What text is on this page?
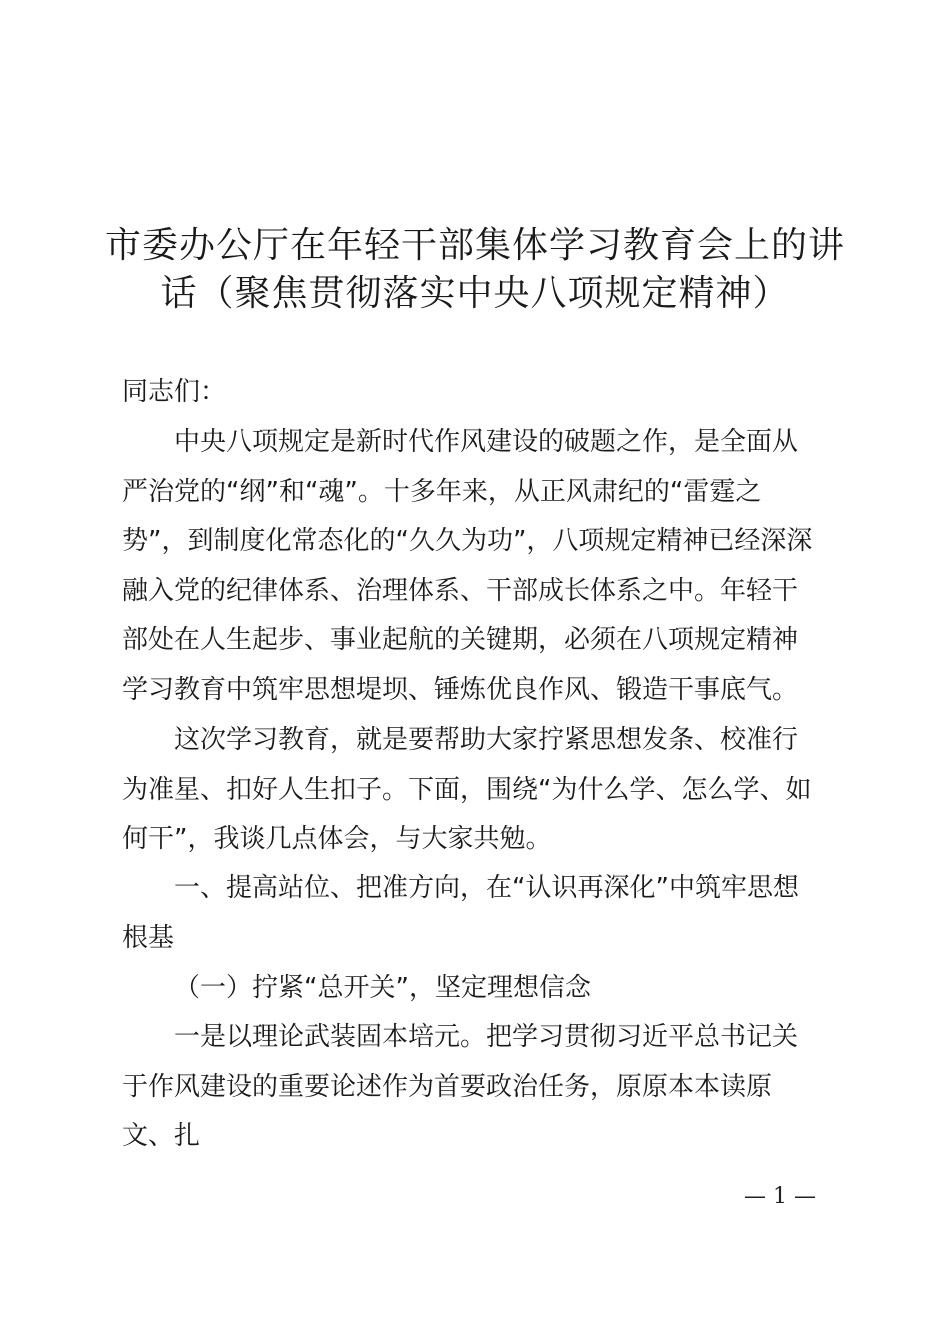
市委办公厅在年轻干部集体学习教育会上的讲话（聚焦贯彻落实中央八项规定精神）

同志们：

中央八项规定是新时代作风建设的破题之作，是全面从严治党的“纲”和“魂”。十多年来，从正风肃纪的“雷霆之势”，到制度化常态化的“久久为功”，八项规定精神已经深深融入党的纪律体系、治理体系、干部成长体系之中。年轻干部处在人生起步、事业起航的关键期，必须在八项规定精神学习教育中筑牢思想堤坝、锤炼优良作风、锻造干事底气。

这次学习教育，就是要帮助大家拧紧思想发条、校准行为准星、扣好人生扣子。下面，围绕“为什么学、怎么学、如何干”，我谈几点体会，与大家共勉。

一、提高站位、把准方向，在“认识再深化”中筑牢思想根基

（一）拧紧“总开关”，坚定理想信念

一是以理论武装固本培元。把学习贯彻习近平总书记关于作风建设的重要论述作为首要政治任务，原原本本读原文、扎

— 1 —
